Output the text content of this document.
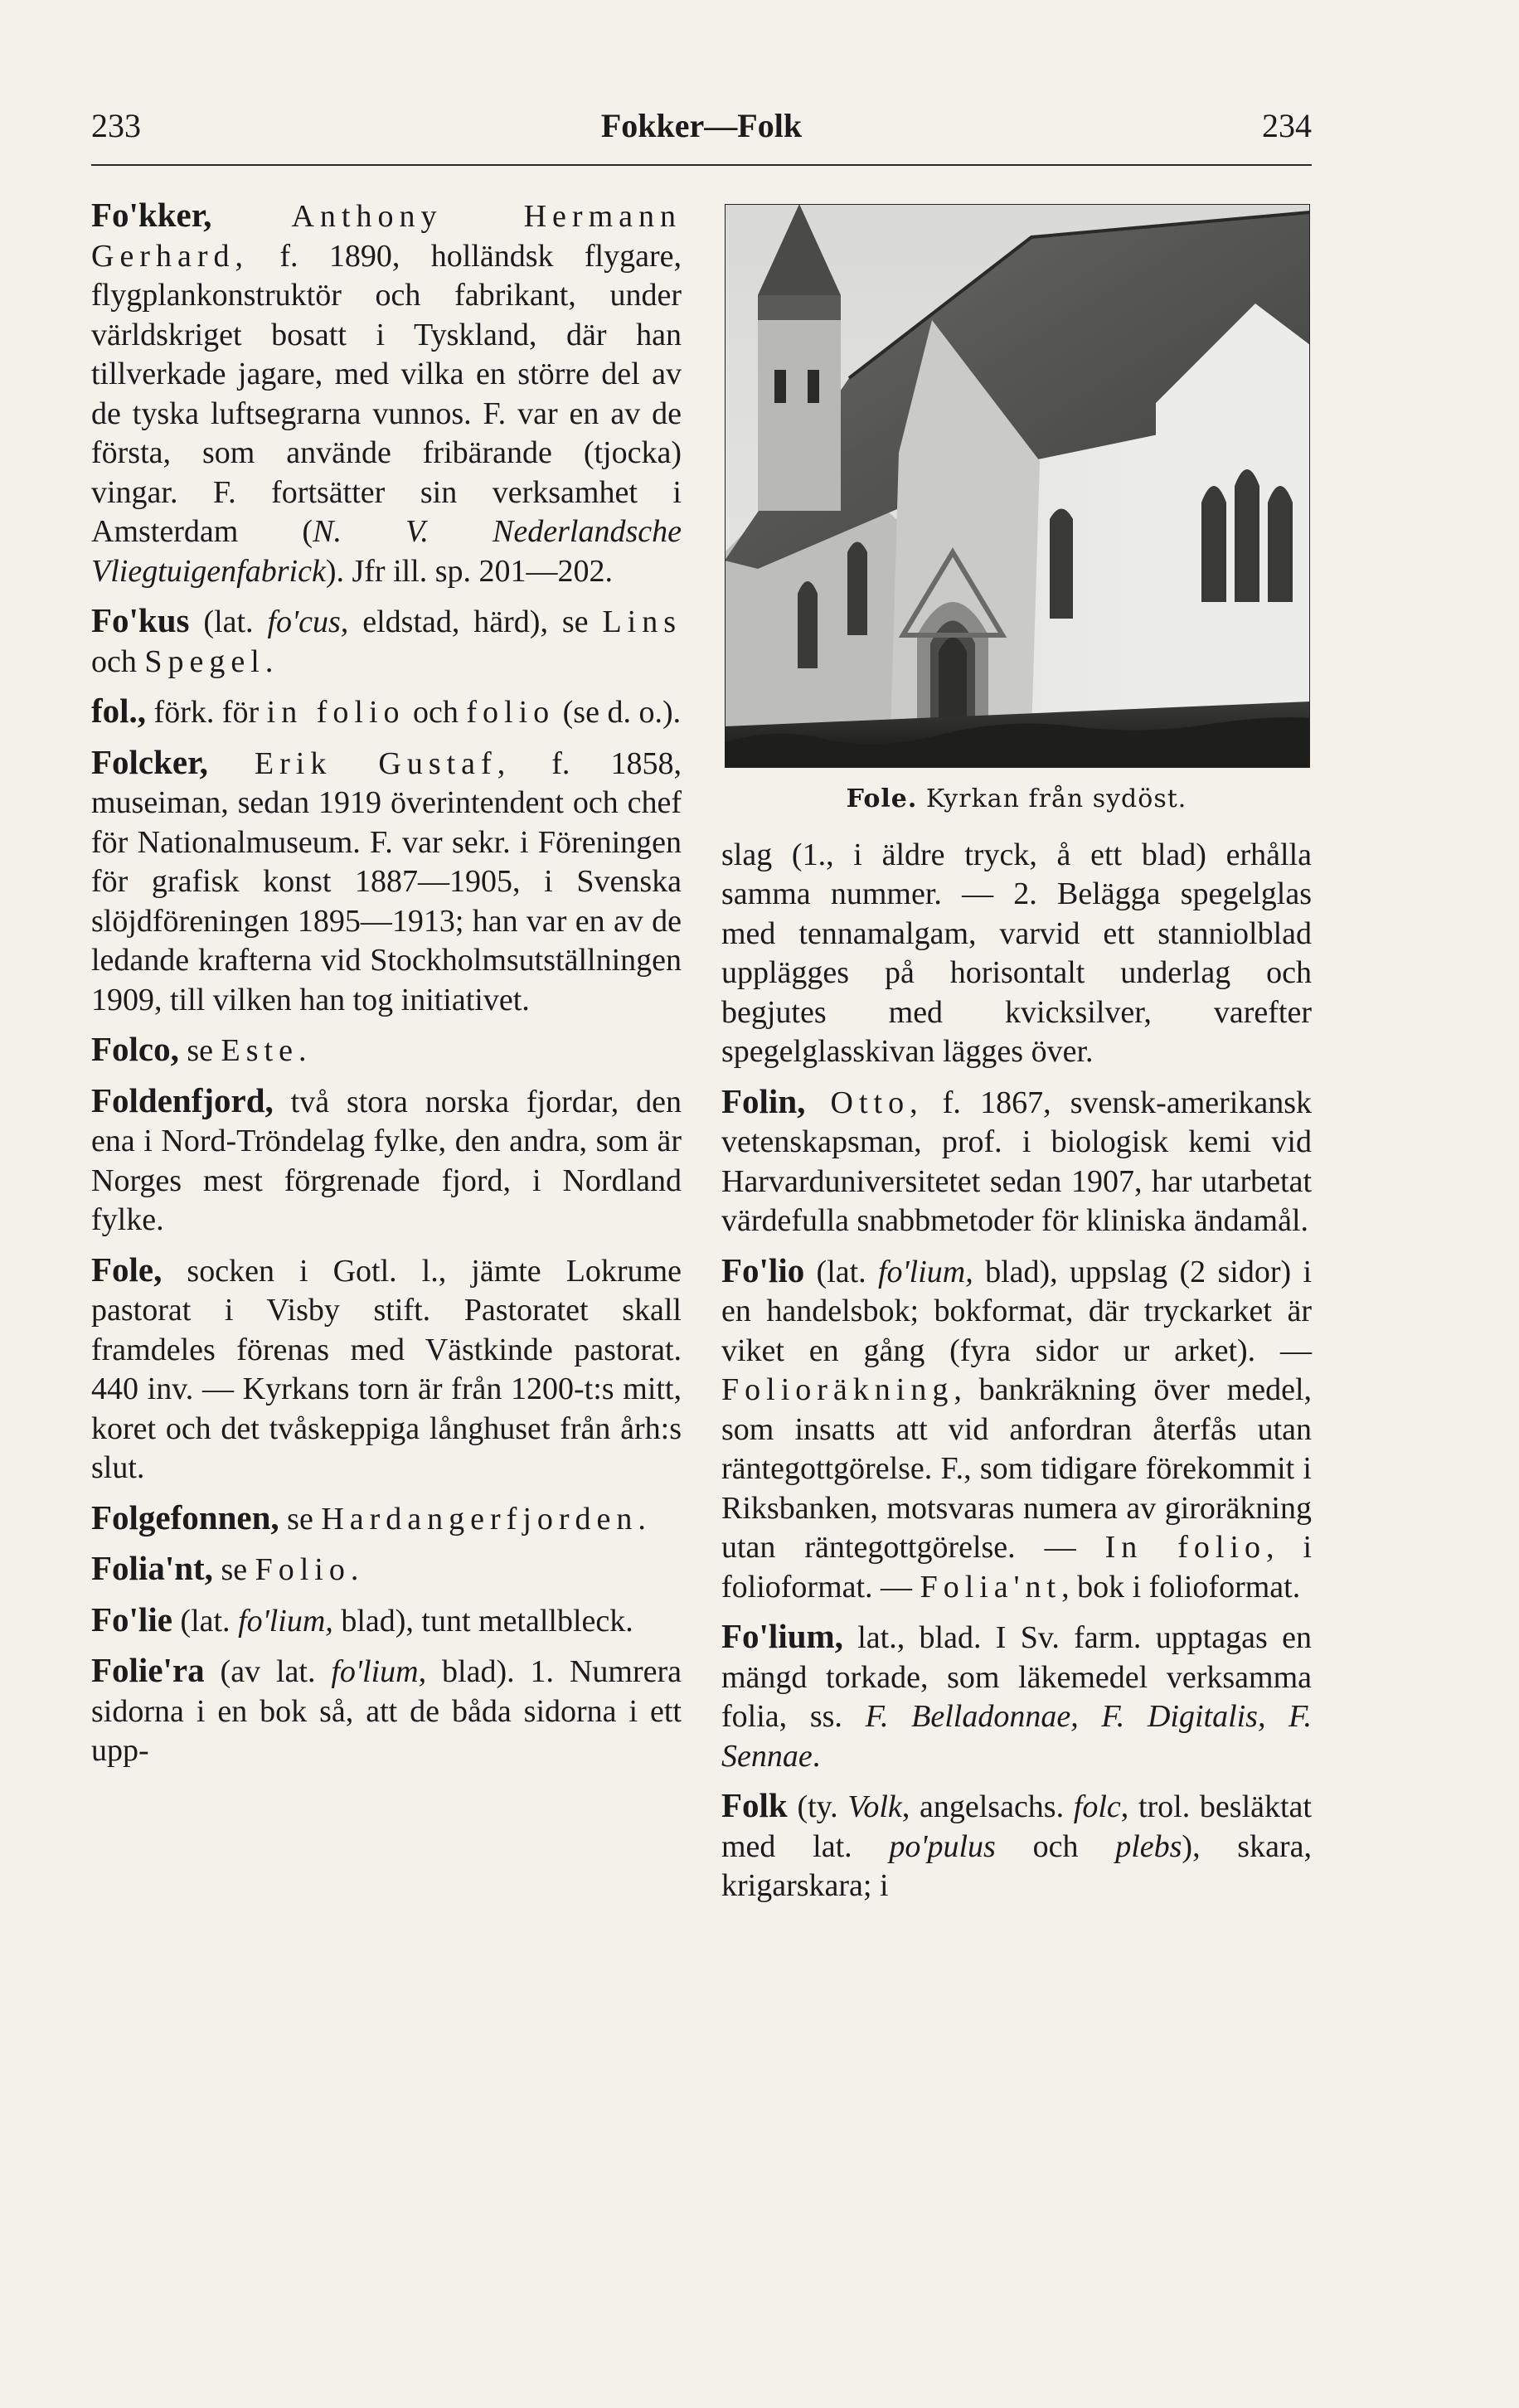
233	Fokker—Folk	234

Fo'kker, Anthony Hermann Gerhard, f. 1890, holländsk flygare, flygplankonstruktör och fabrikant, under världskriget bosatt i Tyskland, där han tillverkade jagare, med vilka en större del av de tyska luftsegrarna vunnos. F. var en av de första, som använde fribärande (tjocka) vingar. F. fortsätter sin verksamhet i Amsterdam (N. V. Nederlandsche Vliegtuigenfabrick). Jfr ill. sp. 201—202.

Fo'kus (lat. fo'cus, eldstad, härd), se Lins och Spegel.

fol., förk. för in folio och folio (se d. o.).

Folcker, Erik Gustaf, f. 1858, museiman, sedan 1919 överintendent och chef för Nationalmuseum. F. var sekr. i Föreningen för grafisk konst 1887—1905, i Svenska slöjdföreningen 1895—1913; han var en av de ledande krafterna vid Stockholmsutställningen 1909, till vilken han tog initiativet.

Folco, se Este.

Foldenfjord, två stora norska fjordar, den ena i Nord-Tröndelag fylke, den andra, som är Norges mest förgrenade fjord, i Nordland fylke.

Fole, socken i Gotl. l., jämte Lokrume pastorat i Visby stift. Pastoratet skall framdeles förenas med Västkinde pastorat. 440 inv. — Kyrkans torn är från 1200-t:s mitt, koret och det tvåskeppiga långhuset från årh:s slut.

Folgefonnen, se Hardangerfjorden.

Folia'nt, se Folio.

Fo'lie (lat. fo'lium, blad), tunt metallbleck.

Folie'ra (av lat. fo'lium, blad). 1. Numrera sidorna i en bok så, att de båda sidorna i ett upp-

Fole. Kyrkan från sydöst.

slag (1., i äldre tryck, å ett blad) erhålla samma nummer. — 2. Belägga spegelglas med tennamalgam, varvid ett stanniolblad upplägges på horisontalt underlag och begjutes med kvicksilver, varefter spegelglasskivan lägges över.

Folin, Otto, f. 1867, svensk-amerikansk vetenskapsman, prof. i biologisk kemi vid Harvarduniversitetet sedan 1907, har utarbetat värdefulla snabbmetoder för kliniska ändamål.

Fo'lio (lat. fo'lium, blad), uppslag (2 sidor) i en handelsbok; bokformat, där tryckarket är viket en gång (fyra sidor ur arket). — Folioräkning, bankräkning över medel, som insatts att vid anfordran återfås utan räntegottgörelse. F., som tidigare förekommit i Riksbanken, motsvaras numera av giroräkning utan räntegottgörelse. — In folio, i folioformat. — Folia'nt, bok i folioformat.

Fo'lium, lat., blad. I Sv. farm. upptagas en mängd torkade, som läkemedel verksamma folia, ss. F. Belladonnae, F. Digitalis, F. Sennae.

Folk (ty. Volk, angelsachs. folc, trol. besläktat med lat. po'pulus och plebs), skara, krigarskara; i
